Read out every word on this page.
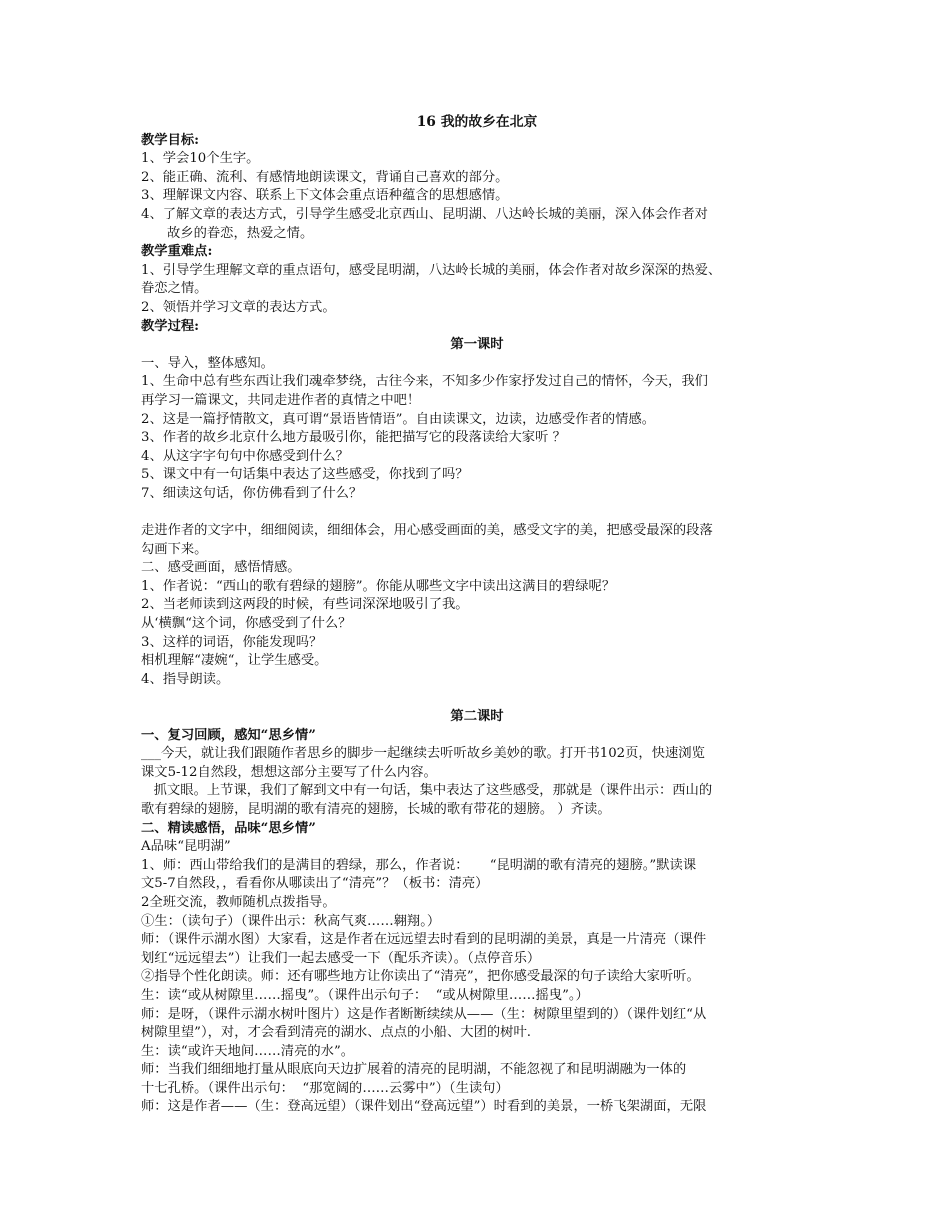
16 我的故乡在北京
教学目标:
1、学会10个生字。
2、能正确、流利、有感情地朗读课文，背诵自己喜欢的部分。
3、理解课文内容、联系上下文体会重点语种蕴含的思想感情。
4、了解文章的表达方式，引导学生感受北京西山、昆明湖、八达岭长城的美丽，深入体会作者对
故乡的眷恋，热爱之情。
教学重难点:
1、引导学生理解文章的重点语句，感受昆明湖，八达岭长城的美丽，体会作者对故乡深深的热爱、
眷恋之情。
2、领悟并学习文章的表达方式。
教学过程:
第一课时
一、导入，整体感知。
1、生命中总有些东西让我们魂牵梦绕，古往今来，不知多少作家抒发过自己的情怀，今天，我们
再学习一篇课文，共同走进作者的真情之中吧！
2、这是一篇抒情散文，真可谓“景语皆情语”。自由读课文，边读，边感受作者的情感。
3、作者的故乡北京什么地方最吸引你，能把描写它的段落读给大家听 ？
4、从这字字句句中你感受到什么？
5、课文中有一句话集中表达了这些感受，你找到了吗？
7、细读这句话，你仿佛看到了什么？
走进作者的文字中，细细阅读，细细体会，用心感受画面的美，感受文字的美，把感受最深的段落
勾画下来。
二、感受画面，感悟情感。
1、作者说：“西山的歌有碧绿的翅膀”。你能从哪些文字中读出这满目的碧绿呢？
2、当老师读到这两段的时候，有些词深深地吸引了我。
从‘横飘“这个词，你感受到了什么？
3、这样的词语，你能发现吗？
相机理解“凄婉“，让学生感受。
4、指导朗读。
第二课时
一、复习回顾，感知“思乡情”
___今天，就让我们跟随作者思乡的脚步一起继续去听听故乡美妙的歌。打开书102页，快速浏览
课文5-12自然段，想想这部分主要写了什么内容。
抓文眼。上节课，我们了解到文中有一句话，集中表达了这些感受，那就是（课件出示：西山的
歌有碧绿的翅膀，昆明湖的歌有清亮的翅膀，长城的歌有带花的翅膀。 ）齐读。
二、精读感悟，品味“思乡情”
A品味“昆明湖”
1、师：西山带给我们的是满目的碧绿，那么，作者说：     “昆明湖的歌有清亮的翅膀。”默读课
文5-7自然段，，看看你从哪读出了“清亮”？（板书：清亮）
2全班交流，教师随机点拨指导。
①生：（读句子）（课件出示：秋高气爽……翱翔。）
师：（课件示湖水图）大家看，这是作者在远远望去时看到的昆明湖的美景，真是一片清亮（课件
划红“远远望去”）让我们一起去感受一下（配乐齐读）。（点停音乐）
②指导个性化朗读。师：还有哪些地方让你读出了“清亮”，把你感受最深的句子读给大家听听。
生：读“或从树隙里……摇曳”。（课件出示句子：  “或从树隙里……摇曳”。）
师：是呀，（课件示湖水树叶图片）这是作者断断续续从——（生：树隙里望到的）（课件划红“从
树隙里望”），对，才会看到清亮的湖水、点点的小船、大团的树叶.
生：读“或许天地间……清亮的水”。
师：当我们细细地打量从眼底向天边扩展着的清亮的昆明湖，不能忽视了和昆明湖融为一体的
十七孔桥。（课件出示句：  “那宽阔的……云雾中”）（生读句）
师：这是作者——（生：登高远望）（课件划出“登高远望”）时看到的美景，一桥飞架湖面，无限
